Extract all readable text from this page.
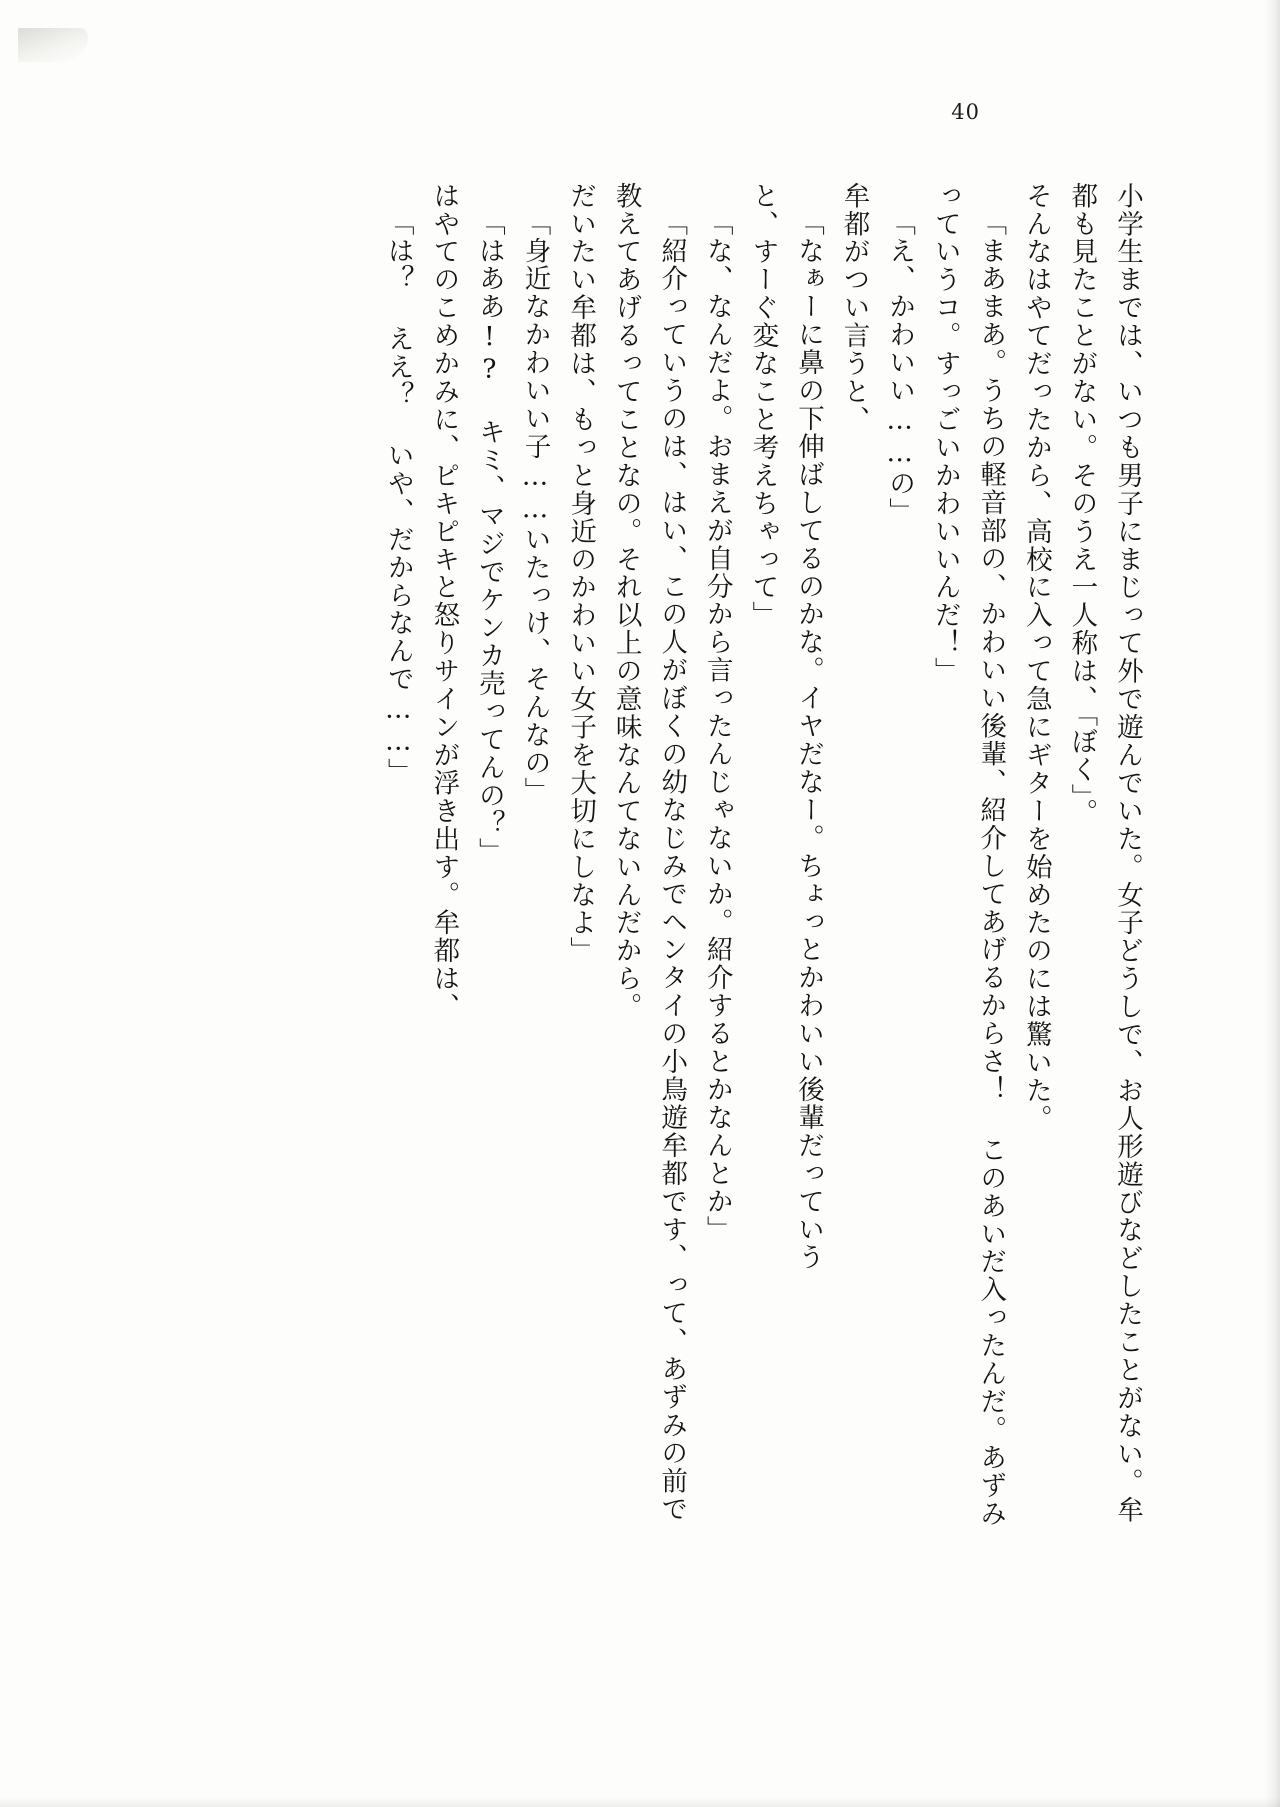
40

小学生までは、いつも男子にまじって外で遊んでいた。女子どうしで、お人形遊びなどしたことがない。牟都も見たことがない。そのうえ一人称は、「ぼく」。

そんなはやてだったから、高校に入って急にギターを始めたのには驚いた。

「まあまあ。うちの軽音部の、かわいい後輩、紹介してあげるからさ！ このあいだ入ったんだ。あずみっていうコ。すっごいかわいいんだ！」

「え、かわいい……の」

牟都がつい言うと、

「なぁーに鼻の下伸ばしてるのかな。イヤだなー。ちょっとかわいい後輩だっていう

と、すーぐ変なこと考えちゃって」

「な、なんだよ。おまえが自分から言ったんじゃないか。紹介するとかなんとか」

「紹介っていうのは、はい、この人がぼくの幼なじみでヘンタイの小鳥遊牟都です、って、あずみの前で教えてあげるってことなの。それ以上の意味なんてないんだから。

だいたい牟都は、もっと身近のかわいい女子を大切にしなよ」

「身近なかわいい子……いたっけ、そんなの」

「はああ!? キミ、マジでケンカ売ってんの？」

はやてのこめかみに、ピキピキと怒りサインが浮き出す。牟都は、

「は？ ええ？ いや、だからなんで……」
